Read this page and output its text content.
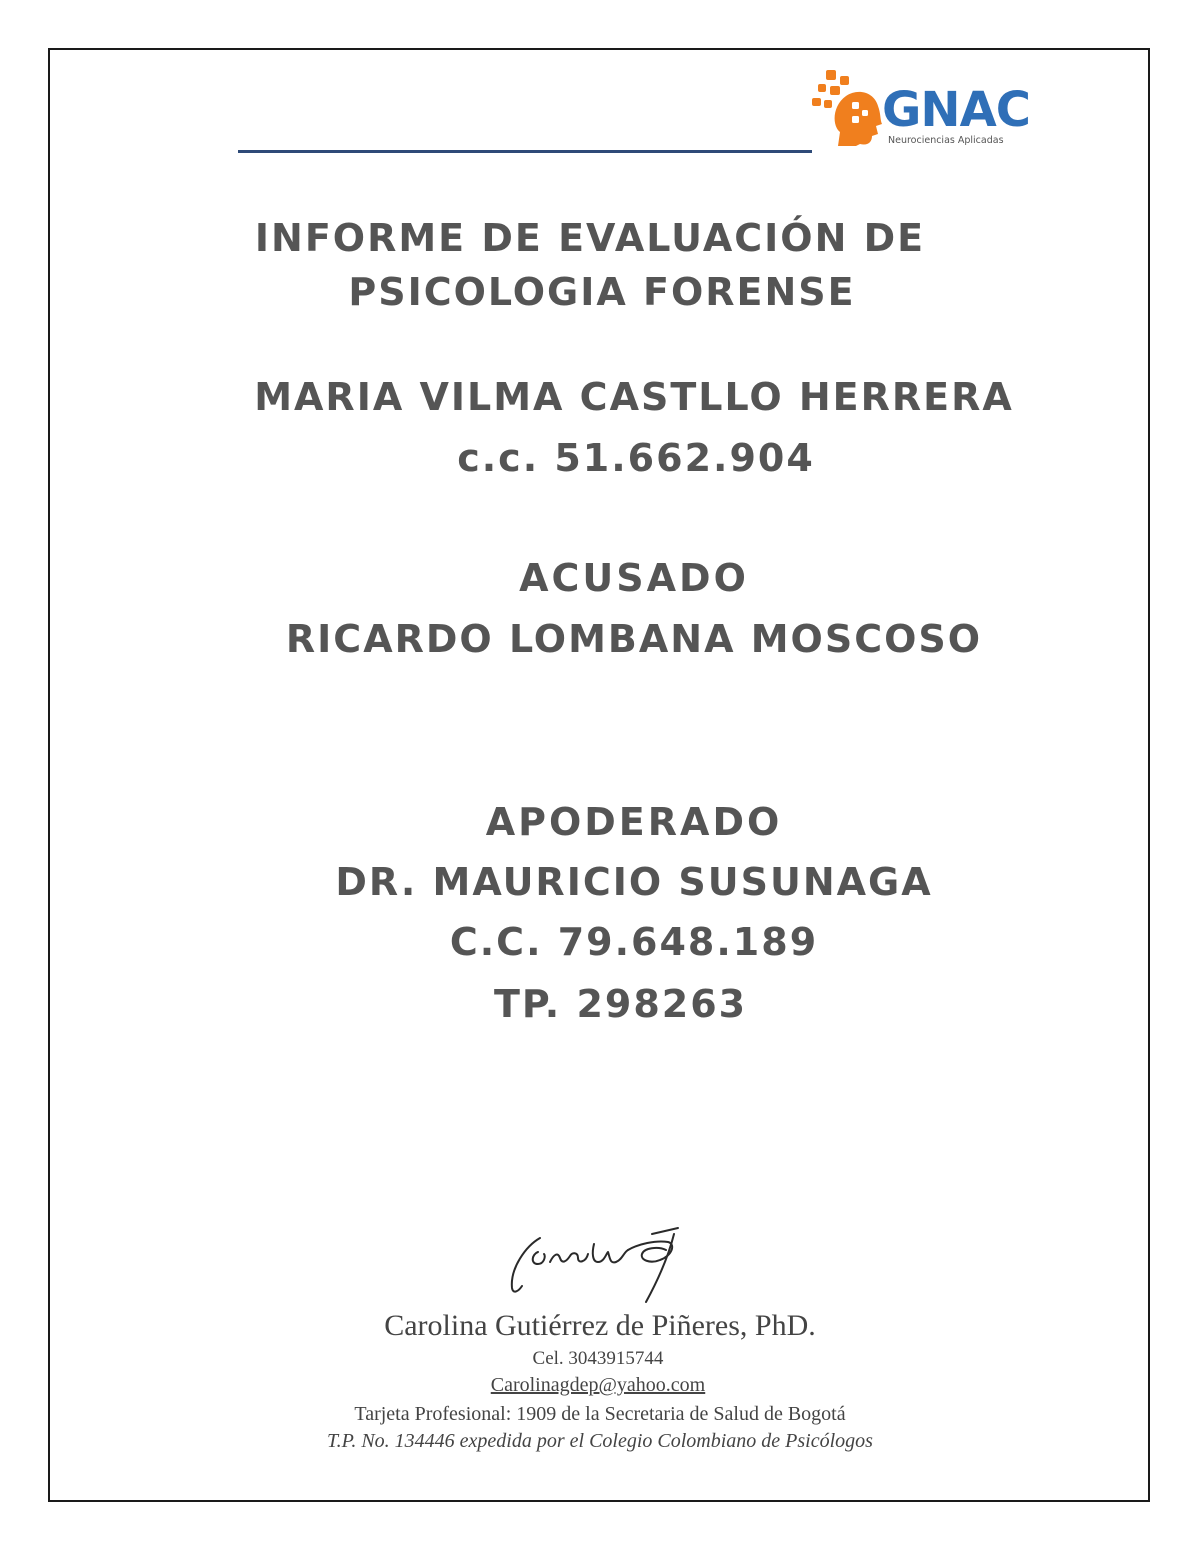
GNAC
Neurociencias Aplicadas
INFORME DE EVALUACIÓN DE
PSICOLOGIA FORENSE
MARIA VILMA CASTLLO HERRERA
c.c. 51.662.904
ACUSADO
RICARDO LOMBANA MOSCOSO
APODERADO
DR. MAURICIO SUSUNAGA
C.C. 79.648.189
TP. 298263
Carolina Gutiérrez de Piñeres, PhD.
Cel. 3043915744
Carolinagdep@yahoo.com
Tarjeta Profesional: 1909 de la Secretaria de Salud de Bogotá
T.P. No. 134446 expedida por el Colegio Colombiano de Psicólogos
